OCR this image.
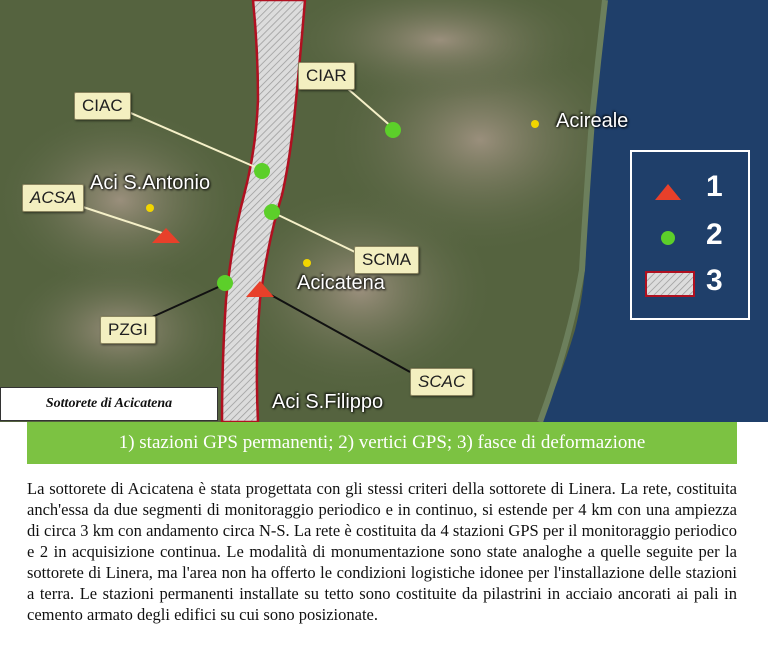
CIAC
CIAR
ACSA
SCMA
PZGI
SCAC
Acireale
Aci S.Antonio
Acicatena
Aci S.Filippo
1
2
3
Sottorete di Acicatena
1) stazioni GPS permanenti; 2) vertici GPS; 3) fasce di deformazione
La sottorete di Acicatena è stata progettata con gli stessi criteri della sottorete di Linera. La rete, costituita anch'essa da due segmenti di monitoraggio periodico e in continuo, si estende per 4 km con una ampiezza di circa 3 km con andamento circa N-S. La rete è costituita da 4 stazioni GPS per il monitoraggio periodico e 2 in acquisizione continua. Le modalità di monumentazione sono state analoghe a quelle seguite per la sottorete di Linera, ma l'area non ha offerto le condizioni logistiche idonee per l'installazione delle stazioni a terra. Le stazioni permanenti installate su tetto sono costituite da pilastrini in acciaio ancorati ai pali in cemento armato degli edifici su cui sono posizionate.
